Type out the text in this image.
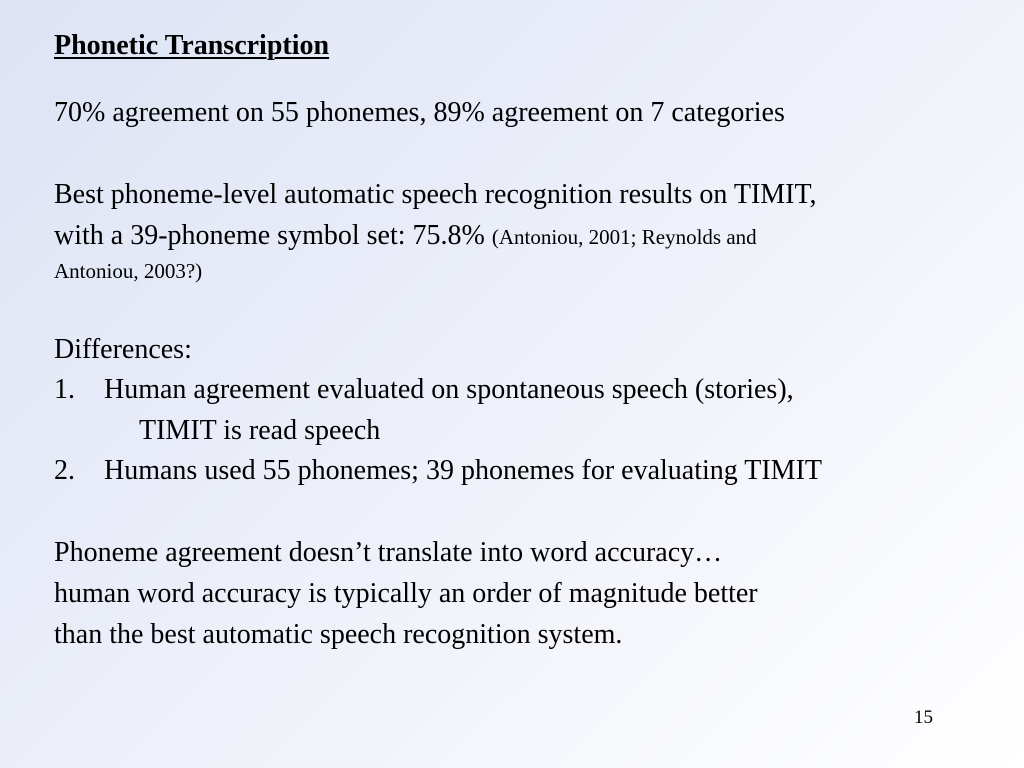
Phonetic Transcription
70% agreement on 55 phonemes, 89% agreement on 7 categories
Best phoneme-level automatic speech recognition results on TIMIT,
with a 39-phoneme symbol set: 75.8% (Antoniou, 2001; Reynolds and
Antoniou, 2003?)
Differences:
1. Human agreement evaluated on spontaneous speech (stories),
TIMIT is read speech
2. Humans used 55 phonemes; 39 phonemes for evaluating TIMIT
Phoneme agreement doesn’t translate into word accuracy…
human word accuracy is typically an order of magnitude better
than the best automatic speech recognition system.
15
